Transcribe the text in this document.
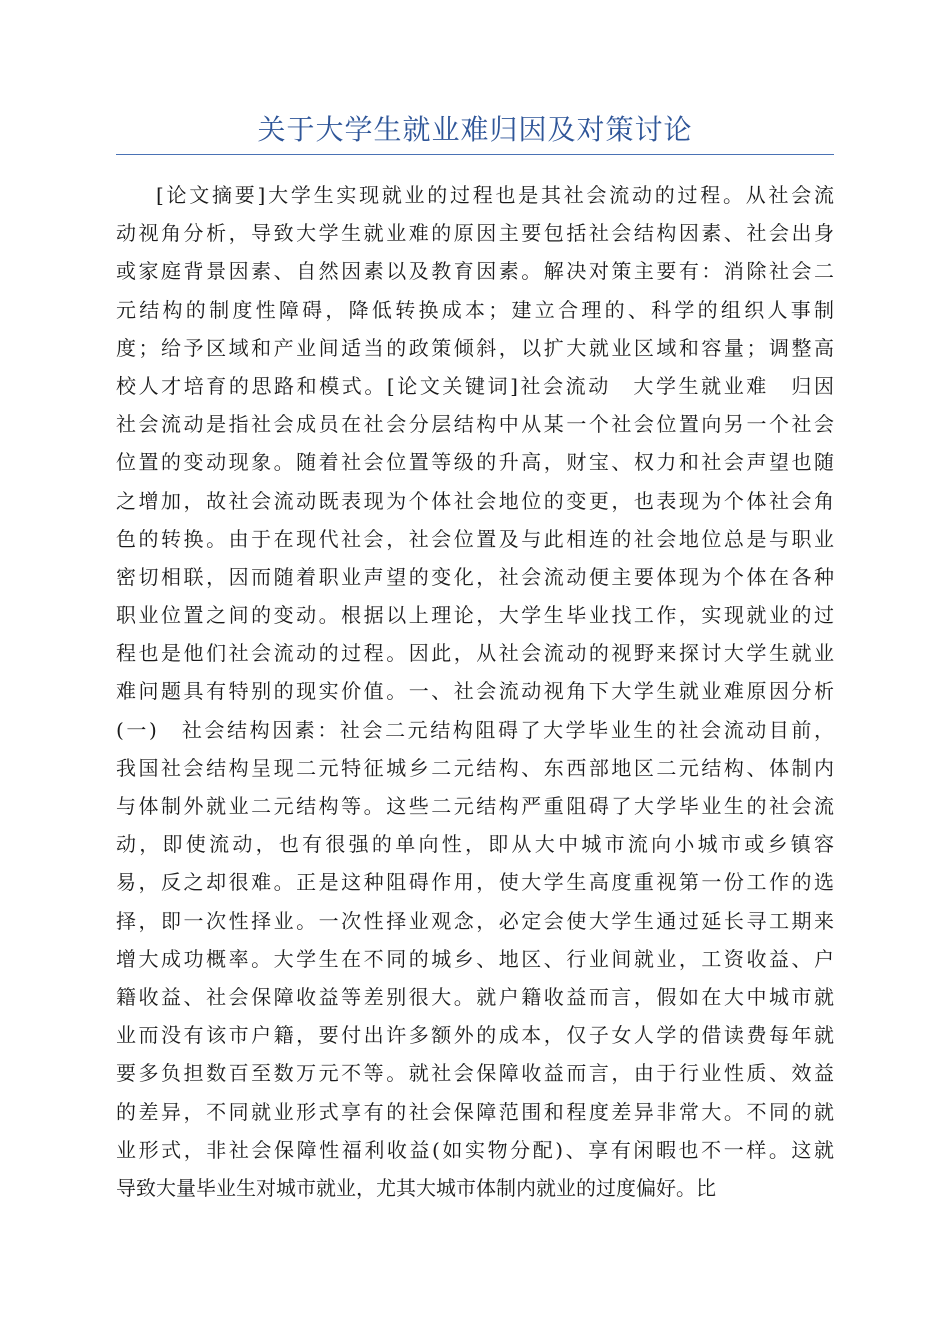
关于大学生就业难归因及对策讨论
[论文摘要]大学生实现就业的过程也是其社会流动的过程。从社会流
动视角分析，导致大学生就业难的原因主要包括社会结构因素、社会出身
或家庭背景因素、自然因素以及教育因素。解决对策主要有：消除社会二
元结构的制度性障碍，降低转换成本；建立合理的、科学的组织人事制
度；给予区域和产业间适当的政策倾斜，以扩大就业区域和容量；调整高
校人才培育的思路和模式。[论文关键词]社会流动　大学生就业难　归因
社会流动是指社会成员在社会分层结构中从某一个社会位置向另一个社会
位置的变动现象。随着社会位置等级的升高，财宝、权力和社会声望也随
之增加，故社会流动既表现为个体社会地位的变更，也表现为个体社会角
色的转换。由于在现代社会，社会位置及与此相连的社会地位总是与职业
密切相联，因而随着职业声望的变化，社会流动便主要体现为个体在各种
职业位置之间的变动。根据以上理论，大学生毕业找工作，实现就业的过
程也是他们社会流动的过程。因此，从社会流动的视野来探讨大学生就业
难问题具有特别的现实价值。一、社会流动视角下大学生就业难原因分析
(一)　社会结构因素：社会二元结构阻碍了大学毕业生的社会流动目前，
我国社会结构呈现二元特征城乡二元结构、东西部地区二元结构、体制内
与体制外就业二元结构等。这些二元结构严重阻碍了大学毕业生的社会流
动，即使流动，也有很强的单向性，即从大中城市流向小城市或乡镇容
易，反之却很难。正是这种阻碍作用，使大学生高度重视第一份工作的选
择，即一次性择业。一次性择业观念，必定会使大学生通过延长寻工期来
增大成功概率。大学生在不同的城乡、地区、行业间就业，工资收益、户
籍收益、社会保障收益等差别很大。就户籍收益而言，假如在大中城市就
业而没有该市户籍，要付出许多额外的成本，仅子女人学的借读费每年就
要多负担数百至数万元不等。就社会保障收益而言，由于行业性质、效益
的差异，不同就业形式享有的社会保障范围和程度差异非常大。不同的就
业形式，非社会保障性福利收益(如实物分配)、享有闲暇也不一样。这就
导致大量毕业生对城市就业，尤其大城市体制内就业的过度偏好。比
